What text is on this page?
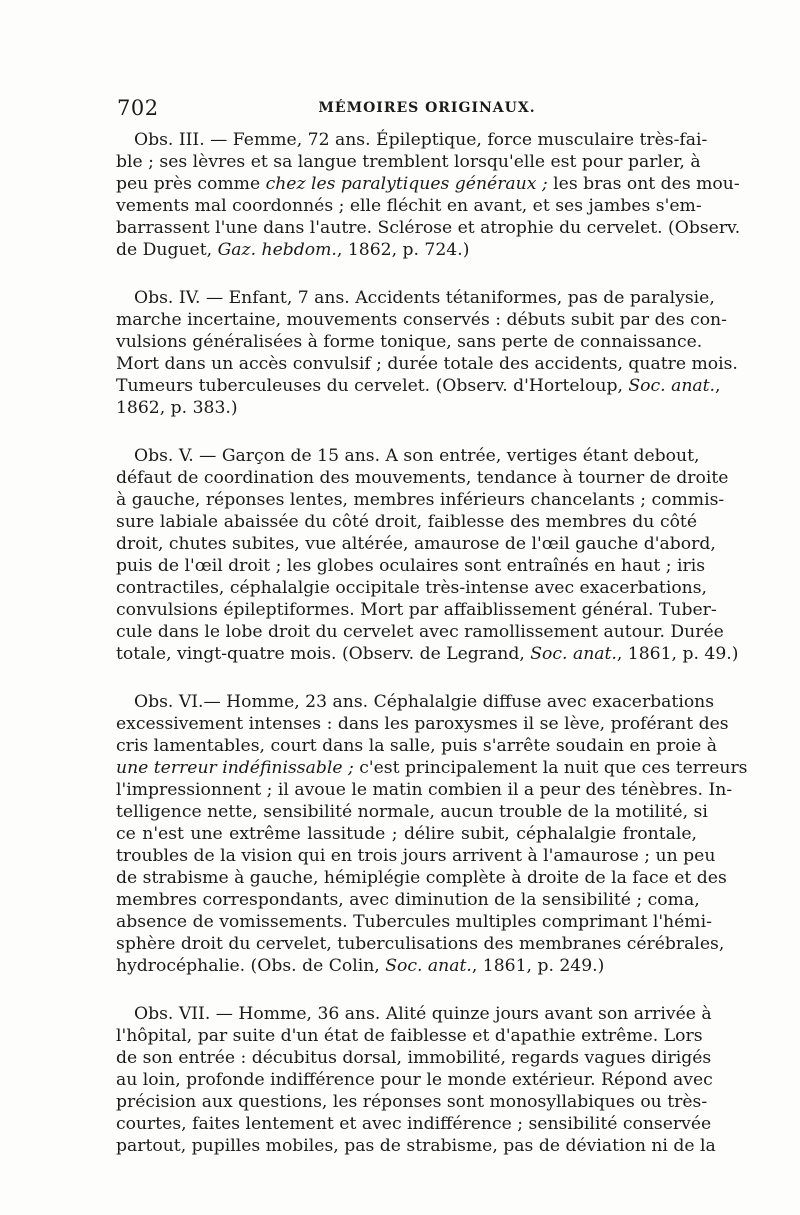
702	MÉMOIRES ORIGINAUX.
Obs. III. — Femme, 72 ans. Épileptique, force musculaire très-fai-
ble ; ses lèvres et sa langue tremblent lorsqu'elle est pour parler, à
peu près comme chez les paralytiques généraux ; les bras ont des mou-
vements mal coordonnés ; elle fléchit en avant, et ses jambes s'em-
barrassent l'une dans l'autre. Sclérose et atrophie du cervelet. (Observ.
de Duguet, Gaz. hebdom., 1862, p. 724.)
Obs. IV. — Enfant, 7 ans. Accidents tétaniformes, pas de paralysie,
marche incertaine, mouvements conservés : débuts subit par des con-
vulsions généralisées à forme tonique, sans perte de connaissance.
Mort dans un accès convulsif ; durée totale des accidents, quatre mois.
Tumeurs tuberculeuses du cervelet. (Observ. d'Horteloup, Soc. anat.,
1862, p. 383.)
Obs. V. — Garçon de 15 ans. A son entrée, vertiges étant debout,
défaut de coordination des mouvements, tendance à tourner de droite
à gauche, réponses lentes, membres inférieurs chancelants ; commis-
sure labiale abaissée du côté droit, faiblesse des membres du côté
droit, chutes subites, vue altérée, amaurose de l'œil gauche d'abord,
puis de l'œil droit ; les globes oculaires sont entraînés en haut ; iris
contractiles, céphalalgie occipitale très-intense avec exacerbations,
convulsions épileptiformes. Mort par affaiblissement général. Tuber-
cule dans le lobe droit du cervelet avec ramollissement autour. Durée
totale, vingt-quatre mois. (Observ. de Legrand, Soc. anat., 1861, p. 49.)
Obs. VI.— Homme, 23 ans. Céphalalgie diffuse avec exacerbations
excessivement intenses : dans les paroxysmes il se lève, proférant des
cris lamentables, court dans la salle, puis s'arrête soudain en proie à
une terreur indéfinissable ; c'est principalement la nuit que ces terreurs
l'impressionnent ; il avoue le matin combien il a peur des ténèbres. In-
telligence nette, sensibilité normale, aucun trouble de la motilité, si
ce n'est une extrême lassitude ; délire subit, céphalalgie frontale,
troubles de la vision qui en trois jours arrivent à l'amaurose ; un peu
de strabisme à gauche, hémiplégie complète à droite de la face et des
membres correspondants, avec diminution de la sensibilité ; coma,
absence de vomissements. Tubercules multiples comprimant l'hémi-
sphère droit du cervelet, tuberculisations des membranes cérébrales,
hydrocéphalie. (Obs. de Colin, Soc. anat., 1861, p. 249.)
Obs. VII. — Homme, 36 ans. Alité quinze jours avant son arrivée à
l'hôpital, par suite d'un état de faiblesse et d'apathie extrême. Lors
de son entrée : décubitus dorsal, immobilité, regards vagues dirigés
au loin, profonde indifférence pour le monde extérieur. Répond avec
précision aux questions, les réponses sont monosyllabiques ou très-
courtes, faites lentement et avec indifférence ; sensibilité conservée
partout, pupilles mobiles, pas de strabisme, pas de déviation ni de la
